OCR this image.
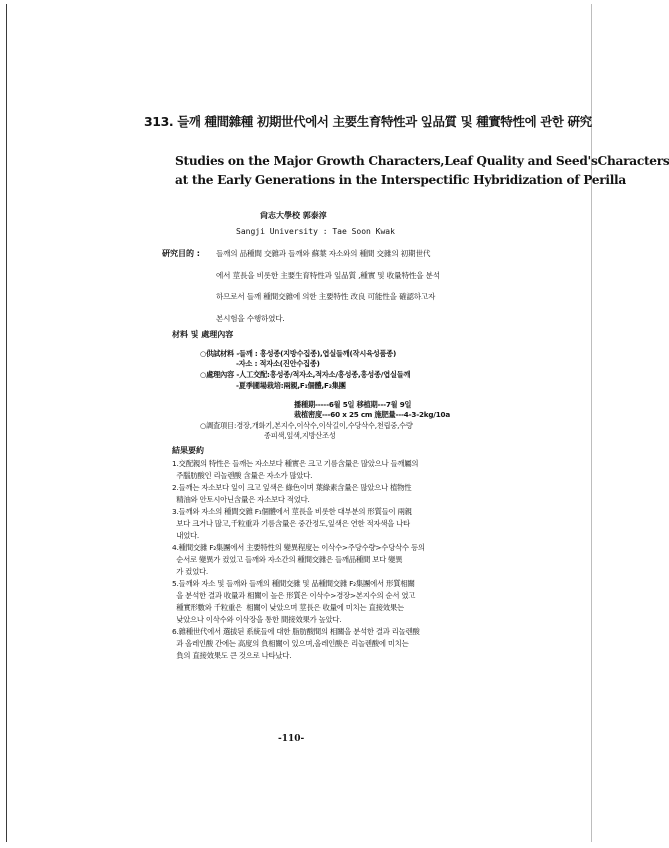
313. 들깨 種間雜種 初期世代에서 主要生育特性과 잎品質 및 種實特性에 관한 硏究
Studies on the Major Growth Characters,Leaf Quality and Seed'sCharacters
at the Early Generations in the Interspectific Hybridization of Perilla
尙志大學校 郭泰淳
Sangji University : Tae Soon Kwak
硏究目的 : 들깨의 品種間 交雜과 들깨와 蘇葉 자소와의 種間 交雜의 初期世代
에서 莖長을 비롯한 主要生育特性과 잎品質 ,種實 및 收量特性을 분석
하므로서 들깨 種間交雜에 의한 主要特性 改良 可能性을 確認하고자
본시험을 수행하였다.
材料 및 處理內容
○供試材料 -들깨 : 흥성종(지방수집종),엽실들깨(작시육성품종)
-자소 : 적자소(진안수집종)
○處理內容 -人工交配:흥성종/적자소,적자소/흥성종,흥성종/엽실들깨
-夏季圃場栽培:兩親,F₁個體,F₂集團
播種期-----6월 5일 移植期---7월 9일
栽植密度---60 x 25 cm 施肥量---4-3-2kg/10a
○調査項目:경장,개화기,본지수,이삭수,이삭길이,수당삭수,천립중,수량
종피색,잎색,지방산조성
結果要約
1.交配親의 特性은 들깨는 자소보다 種實은 크고 기름含量은 많았으나 들깨屬의
주腦肪酸인 리놀렌酸 含量은 자소가 많았다.
2.들깨는 자소보다 잎이 크고 잎색은 綠色이며 葉綠素含量은 많았으나 植物性
精油와 안토시아닌含量은 자소보다 적었다.
3.들깨와 자소의 種間交雜 F₁個體에서 莖長을 비롯한 대부분의 形質들이 兩親
보다 크거나 많고,千粒重과 기름含量은 중간정도,잎색은 연한 적자색을 나타
내었다.
4.種間交雜 F₂集團에서 主要特性의 變異程度는 이삭수>주당수량>수당삭수 등의
순서로 變異가 컸었고 들깨와 자소간의 種間交雜은 들깨品種間 보다 變異
가 컸었다.
5.들깨와 자소 및 들깨와 들깨의 種間交雜 및 品種間交雜 F₂集團에서 形質相關
을 분석한 결과 收量과 相關이 높은 形質은 이삭수>경장>본지수의 순서 였고
種實形數와 千粒重은  相關이 낮았으며 莖長은 收量에 미치는 直接效果는
낮았으나 이삭수와 이삭장을 통한 間接效果가 높았다.
6.雜種世代에서 選拔된 系統들에 대한 脂肪酸間의 相關을 분석한 결과 리놀렌酸
과 올레인酸 간에는 高度의 負相關이 있으며,올레인酸은 리놀렌酸에 미치는
負의 直接效果도 큰 것으로 나타났다.
-110-
